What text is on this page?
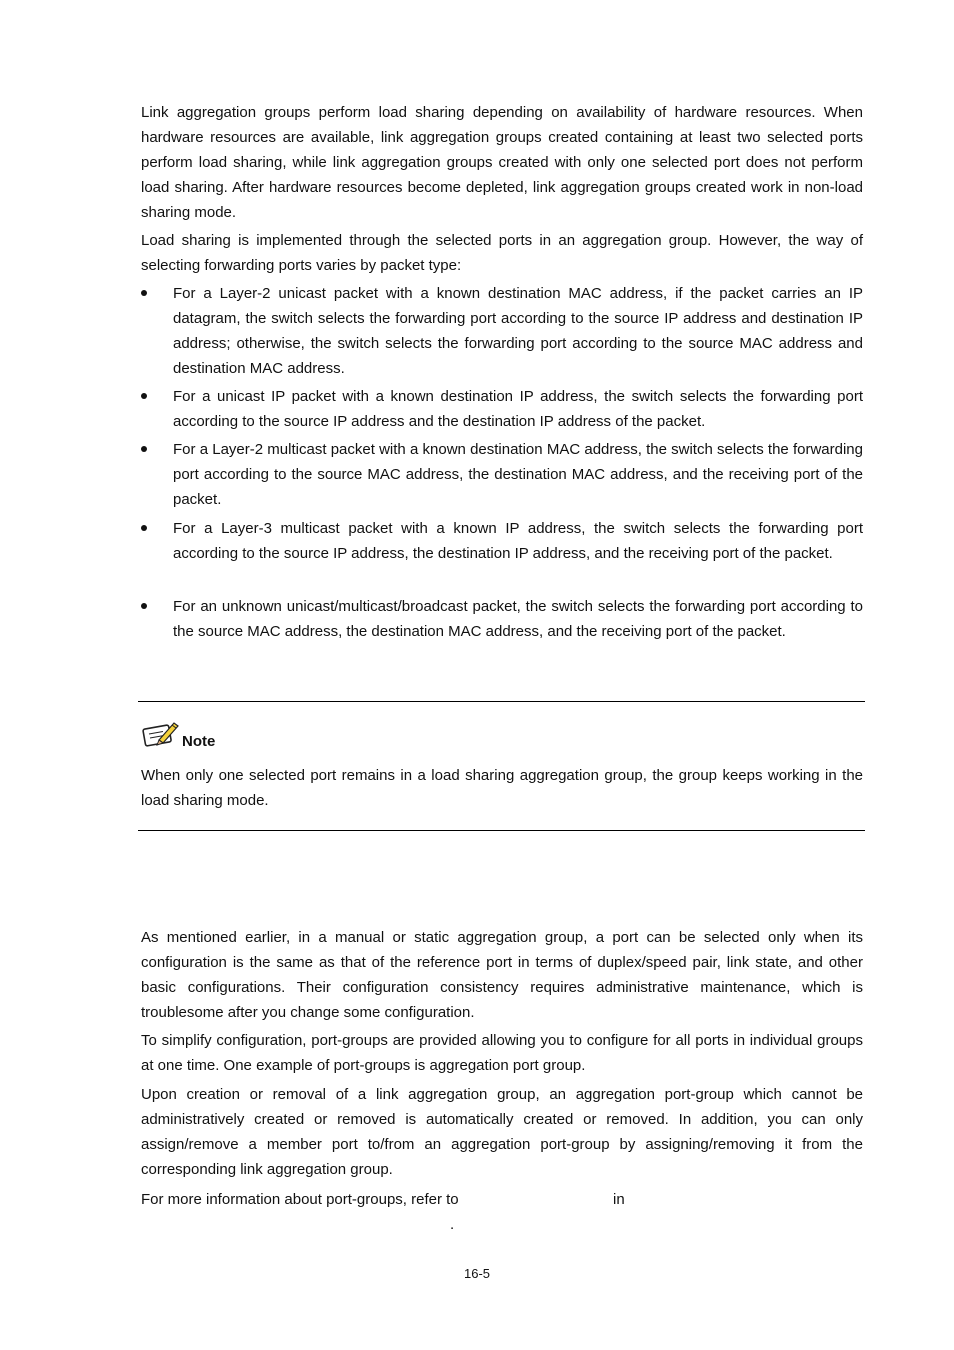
Link aggregation groups perform load sharing depending on availability of hardware resources. When hardware resources are available, link aggregation groups created containing at least two selected ports perform load sharing, while link aggregation groups created with only one selected port does not perform load sharing. After hardware resources become depleted, link aggregation groups created work in non-load sharing mode.

Load sharing is implemented through the selected ports in an aggregation group. However, the way of selecting forwarding ports varies by packet type:

For a Layer-2 unicast packet with a known destination MAC address, if the packet carries an IP datagram, the switch selects the forwarding port according to the source IP address and destination IP address; otherwise, the switch selects the forwarding port according to the source MAC address and destination MAC address.

For a unicast IP packet with a known destination IP address, the switch selects the forwarding port according to the source IP address and the destination IP address of the packet.

For a Layer-2 multicast packet with a known destination MAC address, the switch selects the forwarding port according to the source MAC address, the destination MAC address, and the receiving port of the packet.

For a Layer-3 multicast packet with a known IP address, the switch selects the forwarding port according to the source IP address, the destination IP address, and the receiving port of the packet.

For an unknown unicast/multicast/broadcast packet, the switch selects the forwarding port according to the source MAC address, the destination MAC address, and the receiving port of the packet.

Note

When only one selected port remains in a load sharing aggregation group, the group keeps working in the load sharing mode.

As mentioned earlier, in a manual or static aggregation group, a port can be selected only when its configuration is the same as that of the reference port in terms of duplex/speed pair, link state, and other basic configurations. Their configuration consistency requires administrative maintenance, which is troublesome after you change some configuration.

To simplify configuration, port-groups are provided allowing you to configure for all ports in individual groups at one time. One example of port-groups is aggregation port group.

Upon creation or removal of a link aggregation group, an aggregation port-group which cannot be administratively created or removed is automatically created or removed. In addition, you can only assign/remove a member port to/from an aggregation port-group by assigning/removing it from the corresponding link aggregation group.

For more information about port-groups, refer to	in
.
16-5
